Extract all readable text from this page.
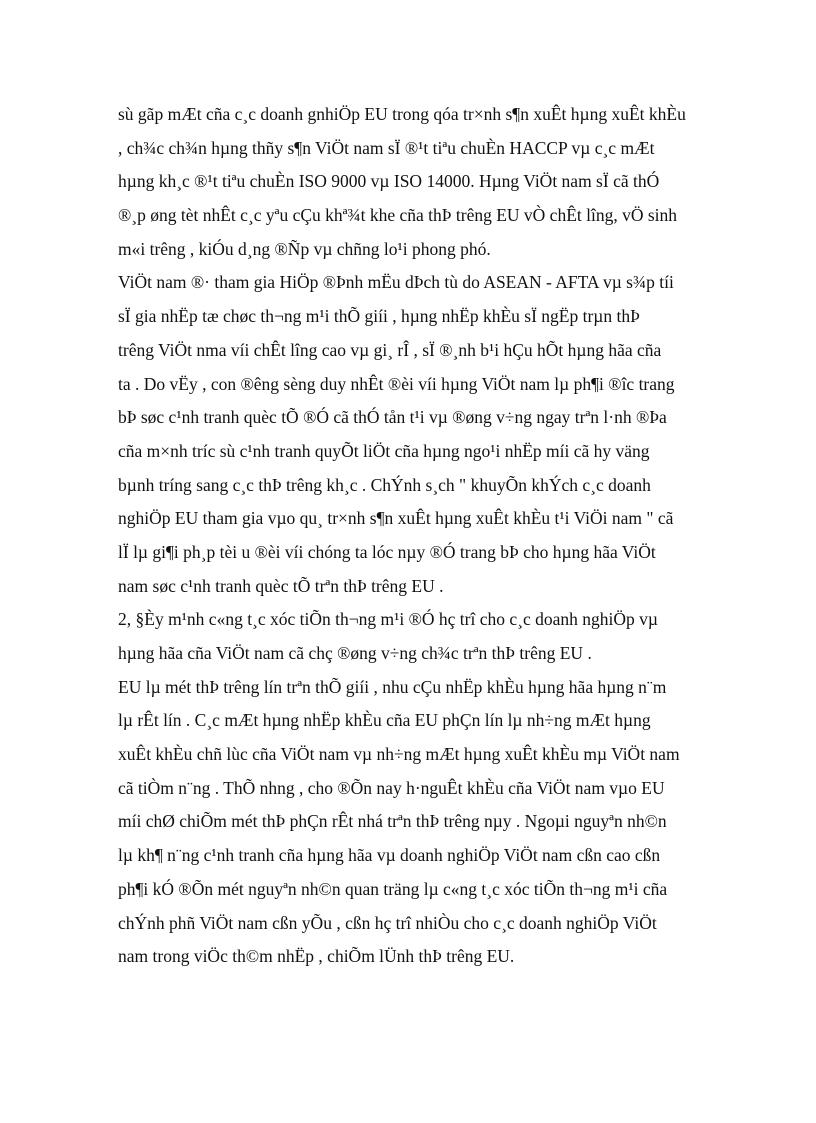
sù gãp mÆt cña c¸c doanh gnhiÖp EU trong qóa tr×nh s¶n xuÊt hµng xuÊt khÈu
, ch¾c ch¾n hµng thñy s¶n ViÖt nam sÏ ®¹t tiªu chuÈn HACCP vµ c¸c mÆt
hµng kh¸c ®¹t tiªu chuÈn ISO 9000 vµ ISO 14000. Hµng ViÖt nam sÏ cã thÓ
®¸p øng tèt nhÊt c¸c yªu cÇu khª¾t khe cña thÞ trêng EU vÒ chÊt lîng, vÖ sinh
m«i trêng , kiÓu d¸ng ®Ñp vµ chñng lo¹i phong phó.
ViÖt nam ®· tham gia HiÖp ®Þnh mËu dÞch tù do ASEAN - AFTA vµ s¾p tíi
sÏ gia nhËp tæ chøc th¬ng m¹i thÕ giíi , hµng nhËp khÈu sÏ ngËp trµn thÞ
trêng ViÖt nma víi chÊt lîng cao vµ gi¸ rÎ , sÏ ®¸nh b¹i hÇu hÕt hµng hãa cña
ta . Do vËy , con ®êng sèng duy nhÊt ®èi víi hµng ViÖt nam lµ ph¶i ®îc trang
bÞ søc c¹nh tranh quèc tÕ ®Ó cã thÓ tån t¹i vµ ®øng v÷ng ngay trªn l·nh ®Þa
cña m×nh tríc sù c¹nh tranh quyÕt liÖt cña hµng ngo¹i nhËp míi cã hy väng
bµnh tríng sang c¸c thÞ trêng kh¸c . ChÝnh s¸ch " khuyÕn khÝch c¸c doanh
nghiÖp EU tham gia vµo qu¸ tr×nh s¶n xuÊt hµng xuÊt khÈu t¹i ViÖi nam " cã
lÏ lµ gi¶i ph¸p tèi u ®èi víi chóng ta lóc nµy ®Ó trang bÞ cho hµng hãa ViÖt
nam søc c¹nh tranh quèc tÕ trªn thÞ trêng EU .
2, §Èy m¹nh c«ng t¸c xóc tiÕn th¬ng m¹i ®Ó hç trî cho c¸c doanh nghiÖp vµ
hµng hãa cña ViÖt nam cã chç ®øng v÷ng ch¾c trªn thÞ trêng EU .
EU lµ mét thÞ trêng lín trªn thÕ giíi , nhu cÇu nhËp khÈu hµng hãa hµng n¨m
lµ rÊt lín . C¸c mÆt hµng nhËp khÈu cña EU phÇn lín lµ nh÷ng mÆt hµng
xuÊt khÈu chñ lùc cña ViÖt nam vµ nh÷ng mÆt hµng xuÊt khÈu mµ ViÖt nam
cã tiÒm n¨ng . ThÕ nhng , cho ®Õn nay h·nguÊt khÈu cña ViÖt nam vµo EU
míi chØ chiÕm mét thÞ phÇn rÊt nhá trªn thÞ trêng nµy . Ngoµi nguyªn nh©n
lµ kh¶ n¨ng c¹nh tranh cña hµng hãa vµ doanh nghiÖp ViÖt nam cßn cao cßn
ph¶i kÓ ®Õn mét nguyªn nh©n quan träng lµ c«ng t¸c xóc tiÕn th¬ng m¹i cña
chÝnh phñ ViÖt nam cßn yÕu , cßn hç trî nhiÒu cho c¸c doanh nghiÖp ViÖt
nam trong viÖc th©m nhËp , chiÕm lÜnh thÞ trêng EU.
